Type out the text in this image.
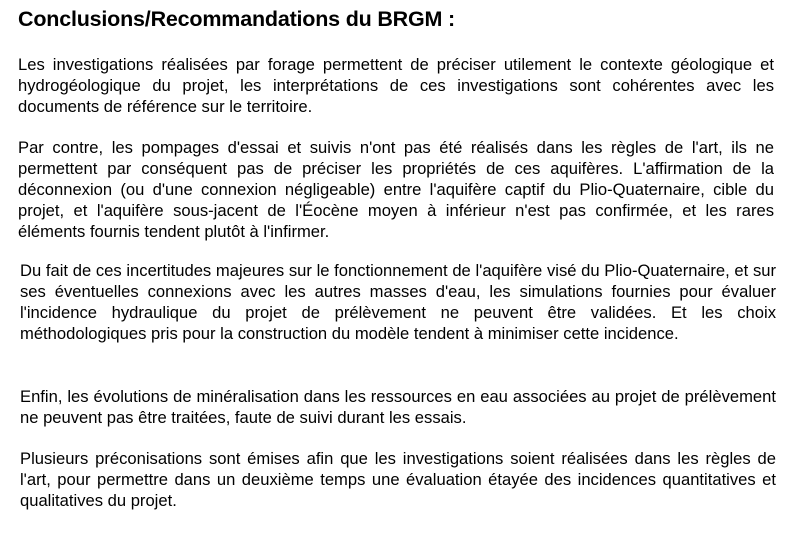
Conclusions/Recommandations du BRGM :

Les investigations réalisées par forage permettent de préciser utilement le contexte géologique et hydrogéologique du projet, les interprétations de ces investigations sont cohérentes avec les documents de référence sur le territoire.

Par contre, les pompages d'essai et suivis n'ont pas été réalisés dans les règles de l'art, ils ne permettent par conséquent pas de préciser les propriétés de ces aquifères. L'affirmation de la déconnexion (ou d'une connexion négligeable) entre l'aquifère captif du Plio-Quaternaire, cible du projet, et l'aquifère sous-jacent de l'Éocène moyen à inférieur n'est pas confirmée, et les rares éléments fournis tendent plutôt à l'infirmer.

Du fait de ces incertitudes majeures sur le fonctionnement de l'aquifère visé du Plio-Quaternaire, et sur ses éventuelles connexions avec les autres masses d'eau, les simulations fournies pour évaluer l'incidence hydraulique du projet de prélèvement ne peuvent être validées. Et les choix méthodologiques pris pour la construction du modèle tendent à minimiser cette incidence.

Enfin, les évolutions de minéralisation dans les ressources en eau associées au projet de prélèvement ne peuvent pas être traitées, faute de suivi durant les essais.

Plusieurs préconisations sont émises afin que les investigations soient réalisées dans les règles de l'art, pour permettre dans un deuxième temps une évaluation étayée des incidences quantitatives et qualitatives du projet.
